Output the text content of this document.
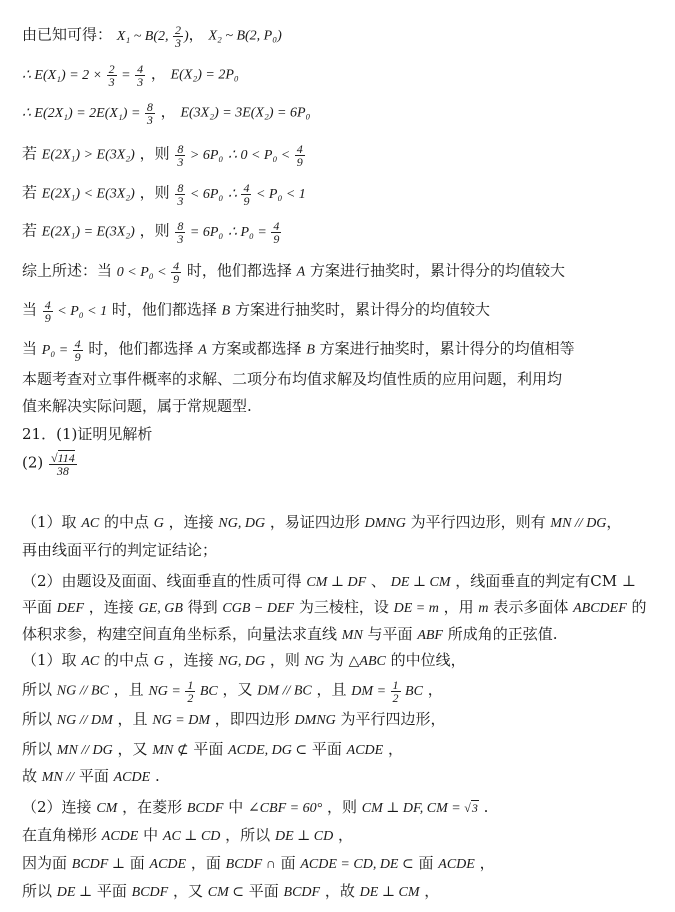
由已知可得： X₁ ~ B(2, $\frac{2}{3}$ )， X₂ ~ B(2, P₀)
∴ $E(X_1) = 2 \times \frac{2}{3} = \frac{4}{3}$ ， E(X₂) = 2P₀
∴ $E(2X_1) = 2E(X_1) = \frac{8}{3}$ ， E(3X₂) = 3E(X₂) = 6P₀
若 E(2X₁) > E(3X₂) ，则 $\frac{8}{3} > 6P_0$ ∴ $0 < P_0 < \frac{4}{9}$
若 E(2X₁) < E(3X₂) ，则 $\frac{8}{3} < 6P_0$ ∴ $\frac{4}{9} < P_0 < 1$
若 E(2X₁) = E(3X₂) ，则 $\frac{8}{3} = 6P_0$ ∴ $P_0 = \frac{4}{9}$
综上所述：当 $0 < P_0 < \frac{4}{9}$ 时，他们都选择 A 方案进行抽奖时，累计得分的均值较大
当 $\frac{4}{9} < P_0 < 1$ 时，他们都选择 B 方案进行抽奖时，累计得分的均值较大
当 $P_0 = \frac{4}{9}$ 时，他们都选择 A 方案或都选择 B 方案进行抽奖时，累计得分的均值相等
本题考查对立事件概率的求解、二项分布均值求解及均值性质的应用问题，利用均
值来解决实际问题，属于常规题型.
21．(1)证明见解析
$(2) \frac{√114}{38}$
（1）取 AC 的中点 G ，连接 NG, DG ，易证四边形 DMNG 为平行四边形，则有 MN // DG，
再由线面平行的判定证结论；
（2）由题设及面面、线面垂直的性质可得 CM ⊥ DF 、 DE ⊥ CM ，线面垂直的判定有CM ⊥
平面 DEF ，连接 GE, GB 得到 CGB − DEF 为三棱柱，设 DE = m ，用 m 表示多面体 ABCDEF 的
体积求参，构建空间直角坐标系，向量法求直线 MN 与平面 ABF 所成角的正弦值.
（1）取 AC 的中点 G ，连接 NG, DG ，则 NG 为 △ABC 的中位线，
所以 NG // BC ，且 NG = $\frac{1}{2}$ BC ，又 DM // BC ，且 DM = $\frac{1}{2}$ BC ，
所以 NG // DM ，且 NG = DM ，即四边形 DMNG 为平行四边形，
所以 MN // DG ，又 MN ⊄ 平面 ACDE, DG ⊂ 平面 ACDE ，
故 MN // 平面 ACDE .
（2）连接 CM ，在菱形 BCDF 中 ∠CBF = 60° ，则 CM ⊥ DF, CM = √3 .
在直角梯形 ACDE 中 AC ⊥ CD ，所以 DE ⊥ CD ，
因为面 BCDF ⊥ 面 ACDE ，面 BCDF ∩ 面 ACDE = CD, DE ⊂ 面 ACDE ，
所以 DE ⊥ 平面 BCDF ，又 CM ⊂ 平面 BCDF ，故 DE ⊥ CM ，
